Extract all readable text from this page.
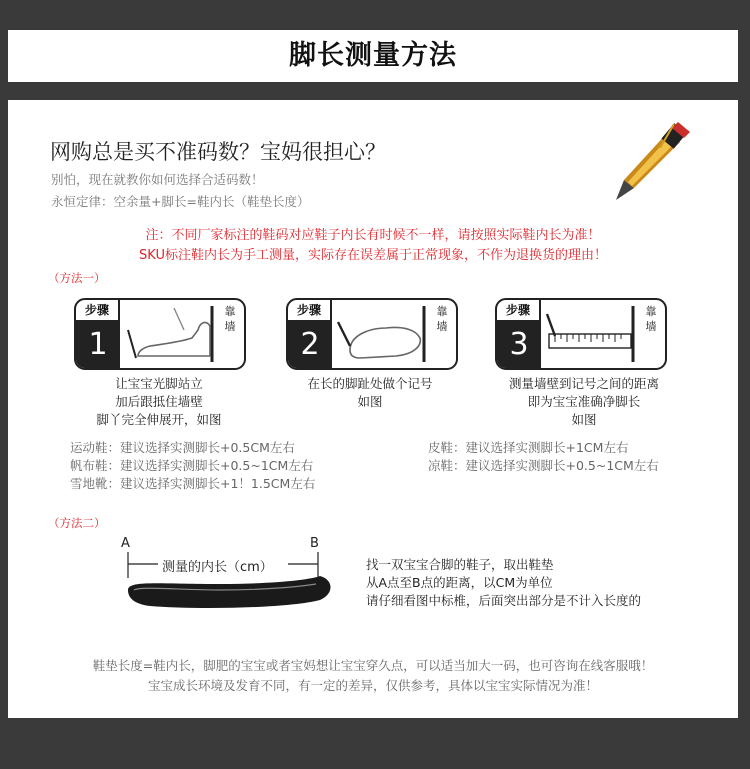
脚长测量方法
网购总是买不准码数？宝妈很担心？
别怕，现在就教你如何选择合适码数！
永恒定律：空余量+脚长=鞋内长（鞋垫长度）
注：不同厂家标注的鞋码对应鞋子内长有时候不一样，请按照实际鞋内长为准！
SKU标注鞋内长为手工测量，实际存在误差属于正常现象，不作为退换货的理由！
（方法一）
步骤
1
靠墙
步骤
2
靠墙
步骤
3
靠墙
让宝宝光脚站立
加后跟抵住墙壁
脚丫完全伸展开，如图
在长的脚趾处做个记号
如图
测量墙壁到记号之间的距离
即为宝宝准确净脚长
如图
运动鞋：建议选择实测脚长+0.5CM左右
帆布鞋：建议选择实测脚长+0.5~1CM左右
雪地靴：建议选择实测脚长+1！1.5CM左右
皮鞋：建议选择实测脚长+1CM左右
凉鞋：建议选择实测脚长+0.5~1CM左右
（方法二）
A	B
测量的内长（cm）	找一双宝宝合脚的鞋子，取出鞋垫
从A点至B点的距离，以CM为单位
请仔细看图中标椎，后面突出部分是不计入长度的
鞋垫长度=鞋内长，脚肥的宝宝或者宝妈想让宝宝穿久点，可以适当加大一码，也可咨询在线客服哦！
宝宝成长环境及发育不同，有一定的差异，仅供参考，具体以宝宝实际情况为准！
